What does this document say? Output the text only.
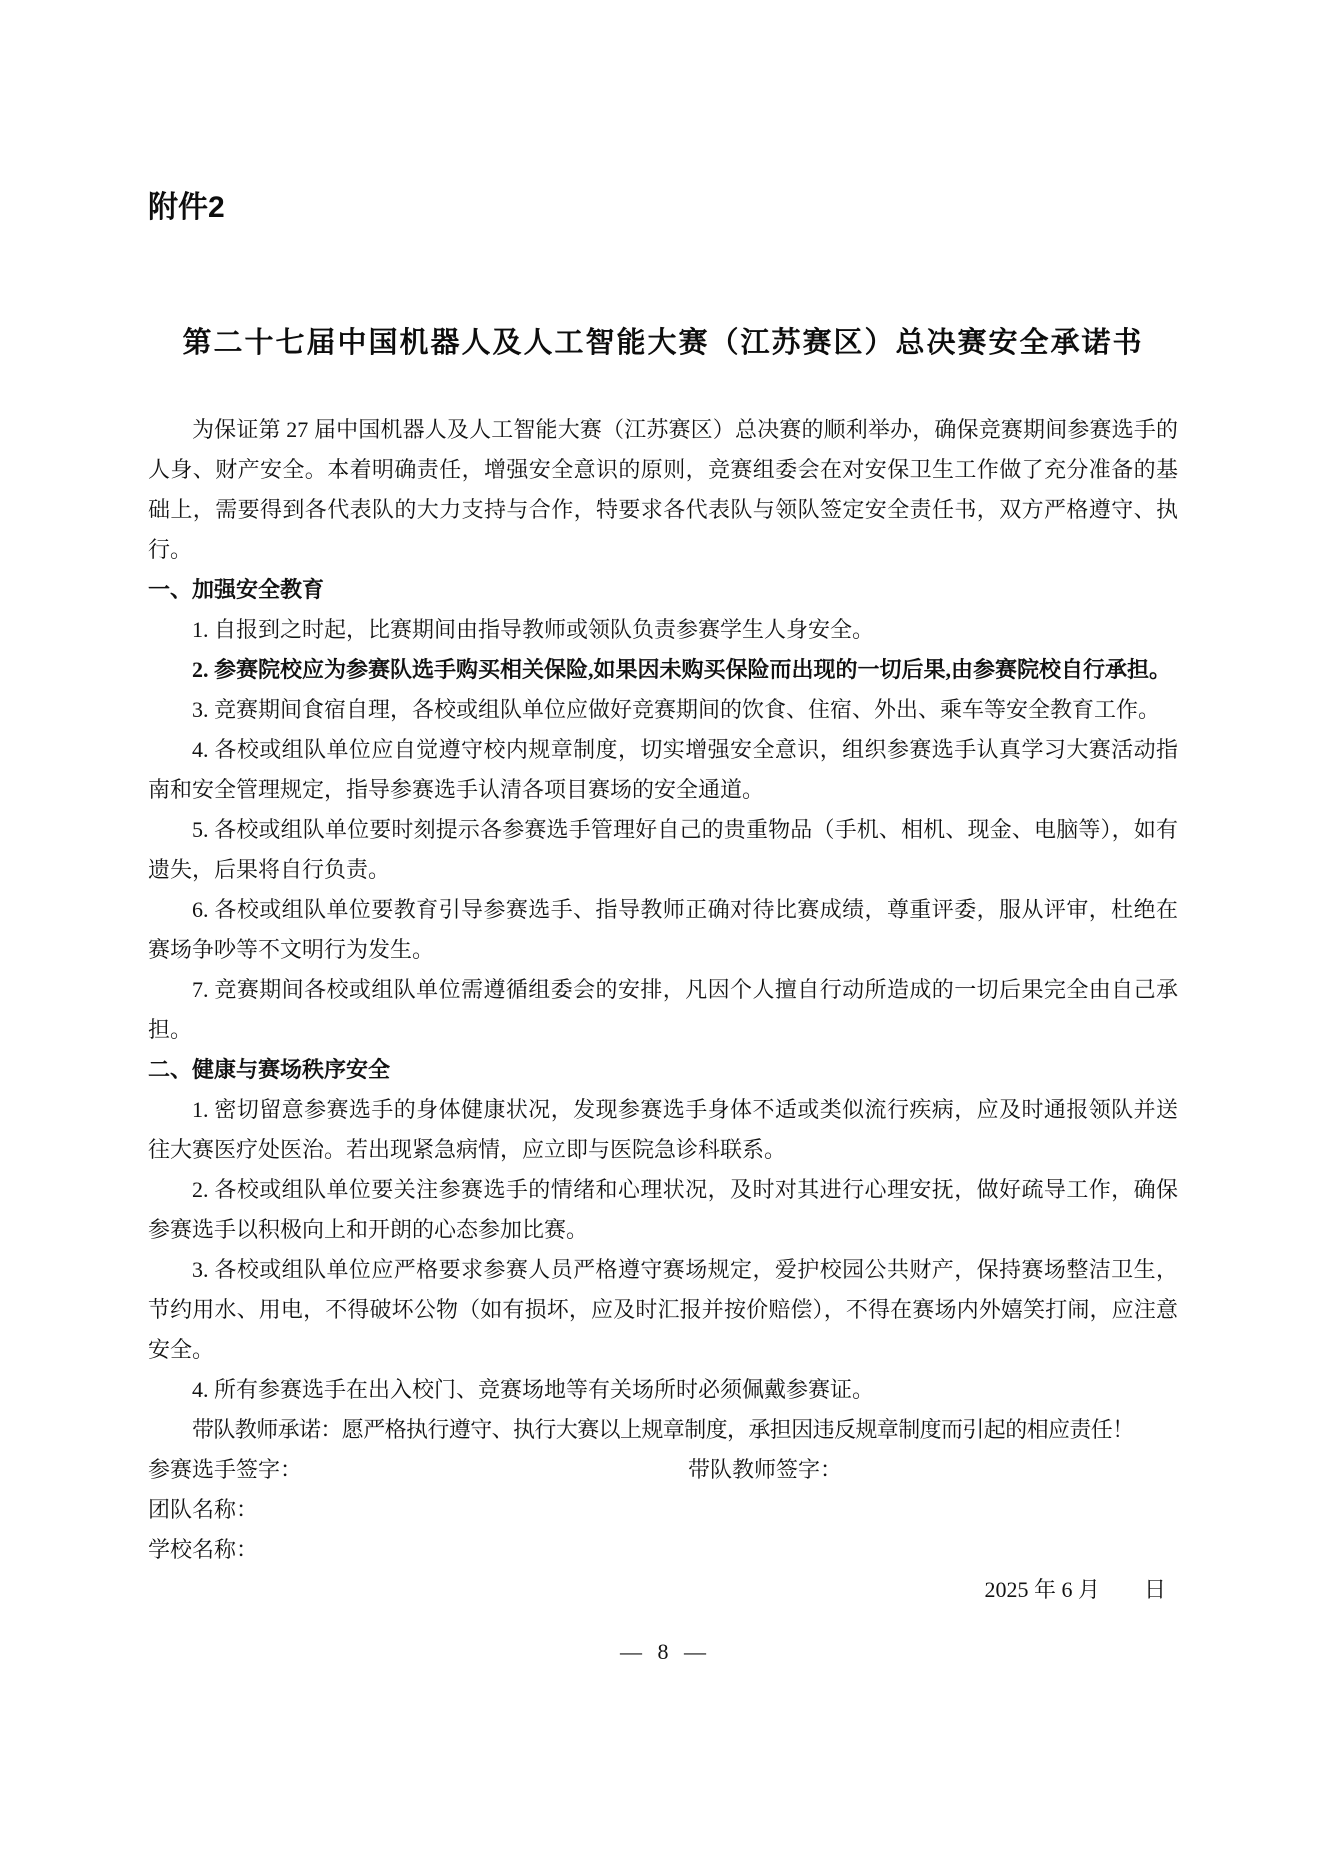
附件2

第二十七届中国机器人及人工智能大赛（江苏赛区）总决赛安全承诺书

为保证第 27 届中国机器人及人工智能大赛（江苏赛区）总决赛的顺利举办，确保竞赛期间参赛选手的人身、财产安全。本着明确责任，增强安全意识的原则，竞赛组委会在对安保卫生工作做了充分准备的基础上，需要得到各代表队的大力支持与合作，特要求各代表队与领队签定安全责任书，双方严格遵守、执行。

一、加强安全教育

1. 自报到之时起，比赛期间由指导教师或领队负责参赛学生人身安全。

2. 参赛院校应为参赛队选手购买相关保险,如果因未购买保险而出现的一切后果,由参赛院校自行承担。

3. 竞赛期间食宿自理，各校或组队单位应做好竞赛期间的饮食、住宿、外出、乘车等安全教育工作。

4. 各校或组队单位应自觉遵守校内规章制度，切实增强安全意识，组织参赛选手认真学习大赛活动指南和安全管理规定，指导参赛选手认清各项目赛场的安全通道。

5. 各校或组队单位要时刻提示各参赛选手管理好自己的贵重物品（手机、相机、现金、电脑等），如有遗失，后果将自行负责。

6. 各校或组队单位要教育引导参赛选手、指导教师正确对待比赛成绩，尊重评委，服从评审，杜绝在赛场争吵等不文明行为发生。

7. 竞赛期间各校或组队单位需遵循组委会的安排，凡因个人擅自行动所造成的一切后果完全由自己承担。

二、健康与赛场秩序安全

1. 密切留意参赛选手的身体健康状况，发现参赛选手身体不适或类似流行疾病，应及时通报领队并送往大赛医疗处医治。若出现紧急病情，应立即与医院急诊科联系。

2. 各校或组队单位要关注参赛选手的情绪和心理状况，及时对其进行心理安抚，做好疏导工作，确保参赛选手以积极向上和开朗的心态参加比赛。

3. 各校或组队单位应严格要求参赛人员严格遵守赛场规定，爱护校园公共财产，保持赛场整洁卫生，节约用水、用电，不得破坏公物（如有损坏，应及时汇报并按价赔偿），不得在赛场内外嬉笑打闹，应注意安全。

4. 所有参赛选手在出入校门、竞赛场地等有关场所时必须佩戴参赛证。

带队教师承诺：愿严格执行遵守、执行大赛以上规章制度，承担因违反规章制度而引起的相应责任！

参赛选手签字：	带队教师签字：

团队名称：

学校名称：

2025 年 6 月　　日

— 8 —
